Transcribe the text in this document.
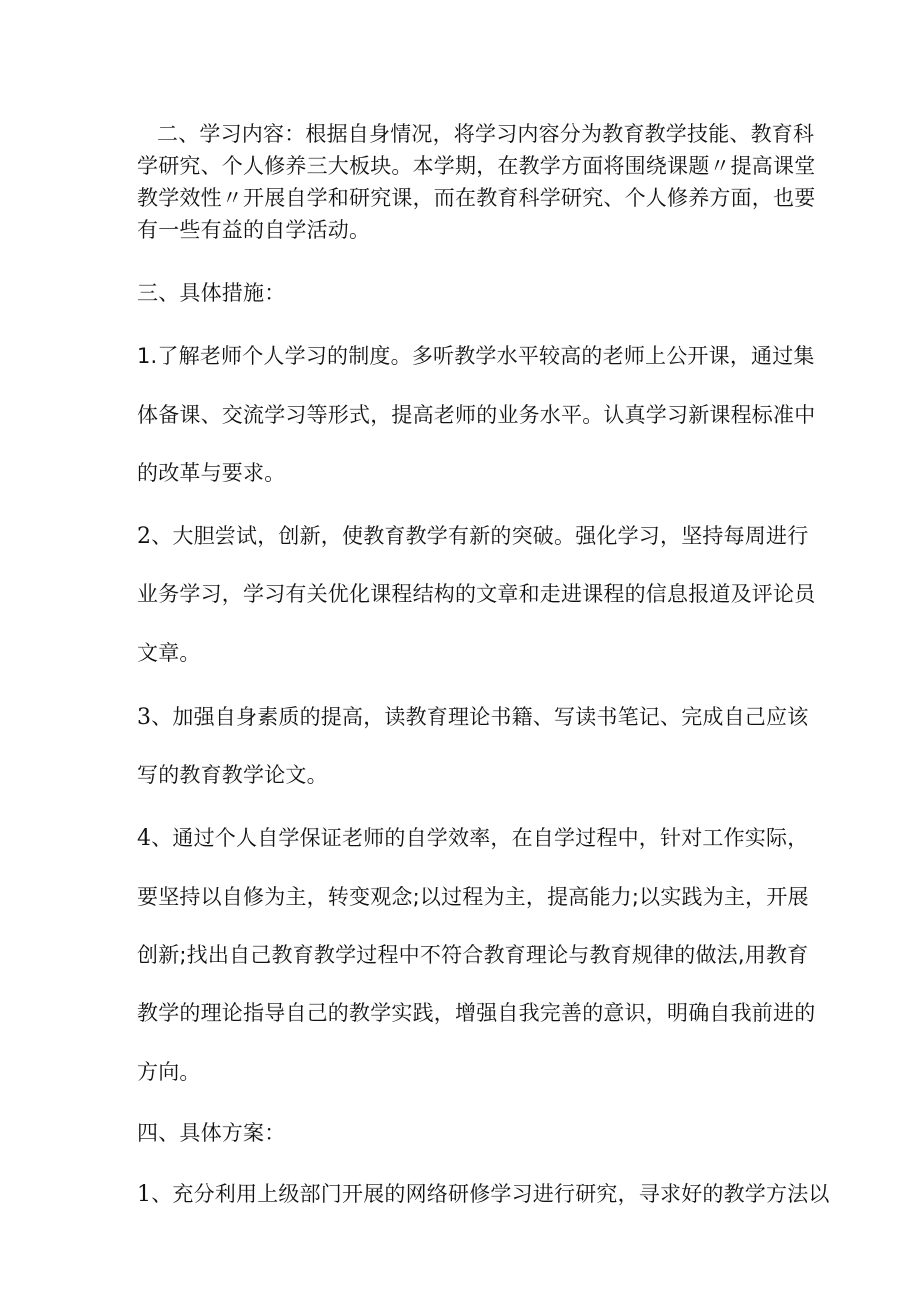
二、学习内容：根据自身情况，将学习内容分为教育教学技能、教育科
学研究、个人修养三大板块。本学期，在教学方面将围绕课题〃提高课堂
教学效性〃开展自学和研究课，而在教育科学研究、个人修养方面，也要
有一些有益的自学活动。
三、具体措施：
1.了解老师个人学习的制度。多听教学水平较高的老师上公开课，通过集
体备课、交流学习等形式，提高老师的业务水平。认真学习新课程标准中
的改革与要求。
2、大胆尝试，创新，使教育教学有新的突破。强化学习，坚持每周进行
业务学习，学习有关优化课程结构的文章和走进课程的信息报道及评论员
文章。
3、加强自身素质的提高，读教育理论书籍、写读书笔记、完成自己应该
写的教育教学论文。
4、通过个人自学保证老师的自学效率，在自学过程中，针对工作实际，
要坚持以自修为主，转变观念;以过程为主，提高能力;以实践为主，开展
创新;找出自己教育教学过程中不符合教育理论与教育规律的做法,用教育
教学的理论指导自己的教学实践，增强自我完善的意识，明确自我前进的
方向。
四、具体方案：
1、充分利用上级部门开展的网络研修学习进行研究，寻求好的教学方法以
